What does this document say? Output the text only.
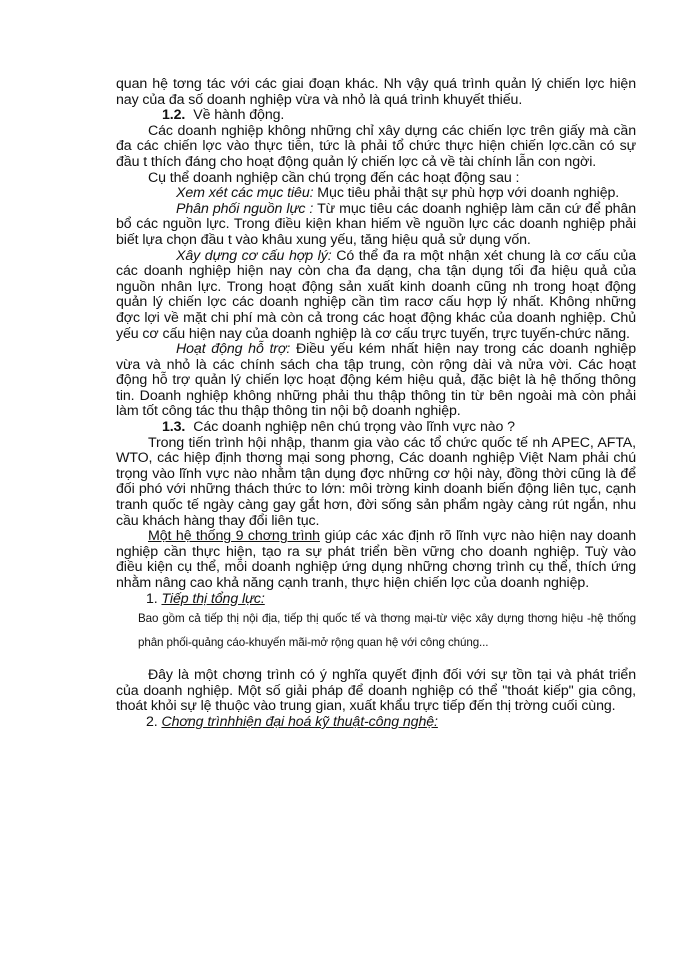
quan hệ tơng tác với các giai đoạn khác. Nh vậy quá trình quản lý chiến lợc hiện nay của đa số doanh nghiệp vừa và nhỏ là quá trình khuyết thiếu.

1.2. Về hành động.

Các doanh nghiệp không những chỉ xây dựng các chiến lợc trên giấy mà cần đa các chiến lợc vào thực tiễn, tức là phải tổ chức thực hiện chiến lợc.cần có sự đầu t thích đáng cho hoạt động quản lý chiến lợc cả về tài chính lẫn con ngời.

Cụ thể doanh nghiệp cần chú trọng đến các hoạt động sau :

Xem xét các mục tiêu: Mục tiêu phải thật sự phù hợp với doanh nghiệp.

Phân phối nguồn lực : Từ mục tiêu các doanh nghiệp làm căn cứ để phân bổ các nguồn lực. Trong điều kiện khan hiếm về nguồn lực các doanh nghiệp phải biết lựa chọn đầu t vào khâu xung yếu, tăng hiệu quả sử dụng vốn.

Xây dựng cơ cấu hợp lý: Có thể đa ra một nhận xét chung là cơ cấu của các doanh nghiệp hiện nay còn cha đa dạng, cha tận dụng tối đa hiệu quả của nguồn nhân lực. Trong hoạt động sản xuất kinh doanh cũng nh trong hoạt động quản lý chiến lợc các doanh nghiệp cần tìm racơ cấu hợp lý nhất. Không những đợc lợi về mặt chi phí mà còn cả trong các hoạt động khác của doanh nghiệp. Chủ yếu cơ cấu hiện nay của doanh nghiệp là cơ cấu trực tuyến, trực tuyến-chức năng.

Hoạt động hỗ trợ: Điều yếu kém nhất hiện nay trong các doanh nghiệp vừa và nhỏ là các chính sách cha tập trung, còn rộng dài và nửa vời. Các hoạt động hỗ trợ quản lý chiến lợc hoạt động kém hiệu quả, đặc biệt là hệ thống thông tin. Doanh nghiệp không những phải thu thập thông tin từ bên ngoài mà còn phải làm tốt công tác thu thập thông tin nội bộ doanh nghiệp.

1.3. Các doanh nghiệp nên chú trọng vào lĩnh vực nào ?

Trong tiến trình hội nhập, thanm gia vào các tổ chức quốc tế nh APEC, AFTA, WTO, các hiệp định thơng mại song phơng, Các doanh nghiệp Việt Nam phải chú trọng vào lĩnh vực nào nhằm tận dụng đợc những cơ hội này, đồng thời cũng là để đối phó với những thách thức to lớn: môi trờng kinh doanh biến động liên tục, cạnh tranh quốc tế ngày càng gay gắt hơn, đời sống sản phẩm ngày càng rút ngắn, nhu cầu khách hàng thay đổi liên tục.

Một hệ thống 9 chơng trình giúp các xác định rõ lĩnh vực nào hiện nay doanh nghiệp cần thực hiện, tạo ra sự phát triển bền vững cho doanh nghiệp. Tuỳ vào điều kiện cụ thể, mỗi doanh nghiệp ứng dụng những chơng trình cụ thể, thích ứng nhằm nâng cao khả năng cạnh tranh, thực hiện chiến lợc của doanh nghiệp.

1. Tiếp thị tổng lực:

Bao gồm cả tiếp thị nội địa, tiếp thị quốc tế và thơng mại-từ việc xây dựng thơng hiệu -hệ thống phân phối-quảng cáo-khuyến mãi-mở rộng quan hệ với công chúng...

Đây là một chơng trình có ý nghĩa quyết định đối với sự tồn tại và phát triển của doanh nghiệp. Một số giải pháp để doanh nghiệp có thể "thoát kiếp" gia công, thoát khỏi sự lệ thuộc vào trung gian, xuất khẩu trực tiếp đến thị trờng cuối cùng.

2. Chơng trìnhhiện đại hoá kỹ thuật-công nghệ:
